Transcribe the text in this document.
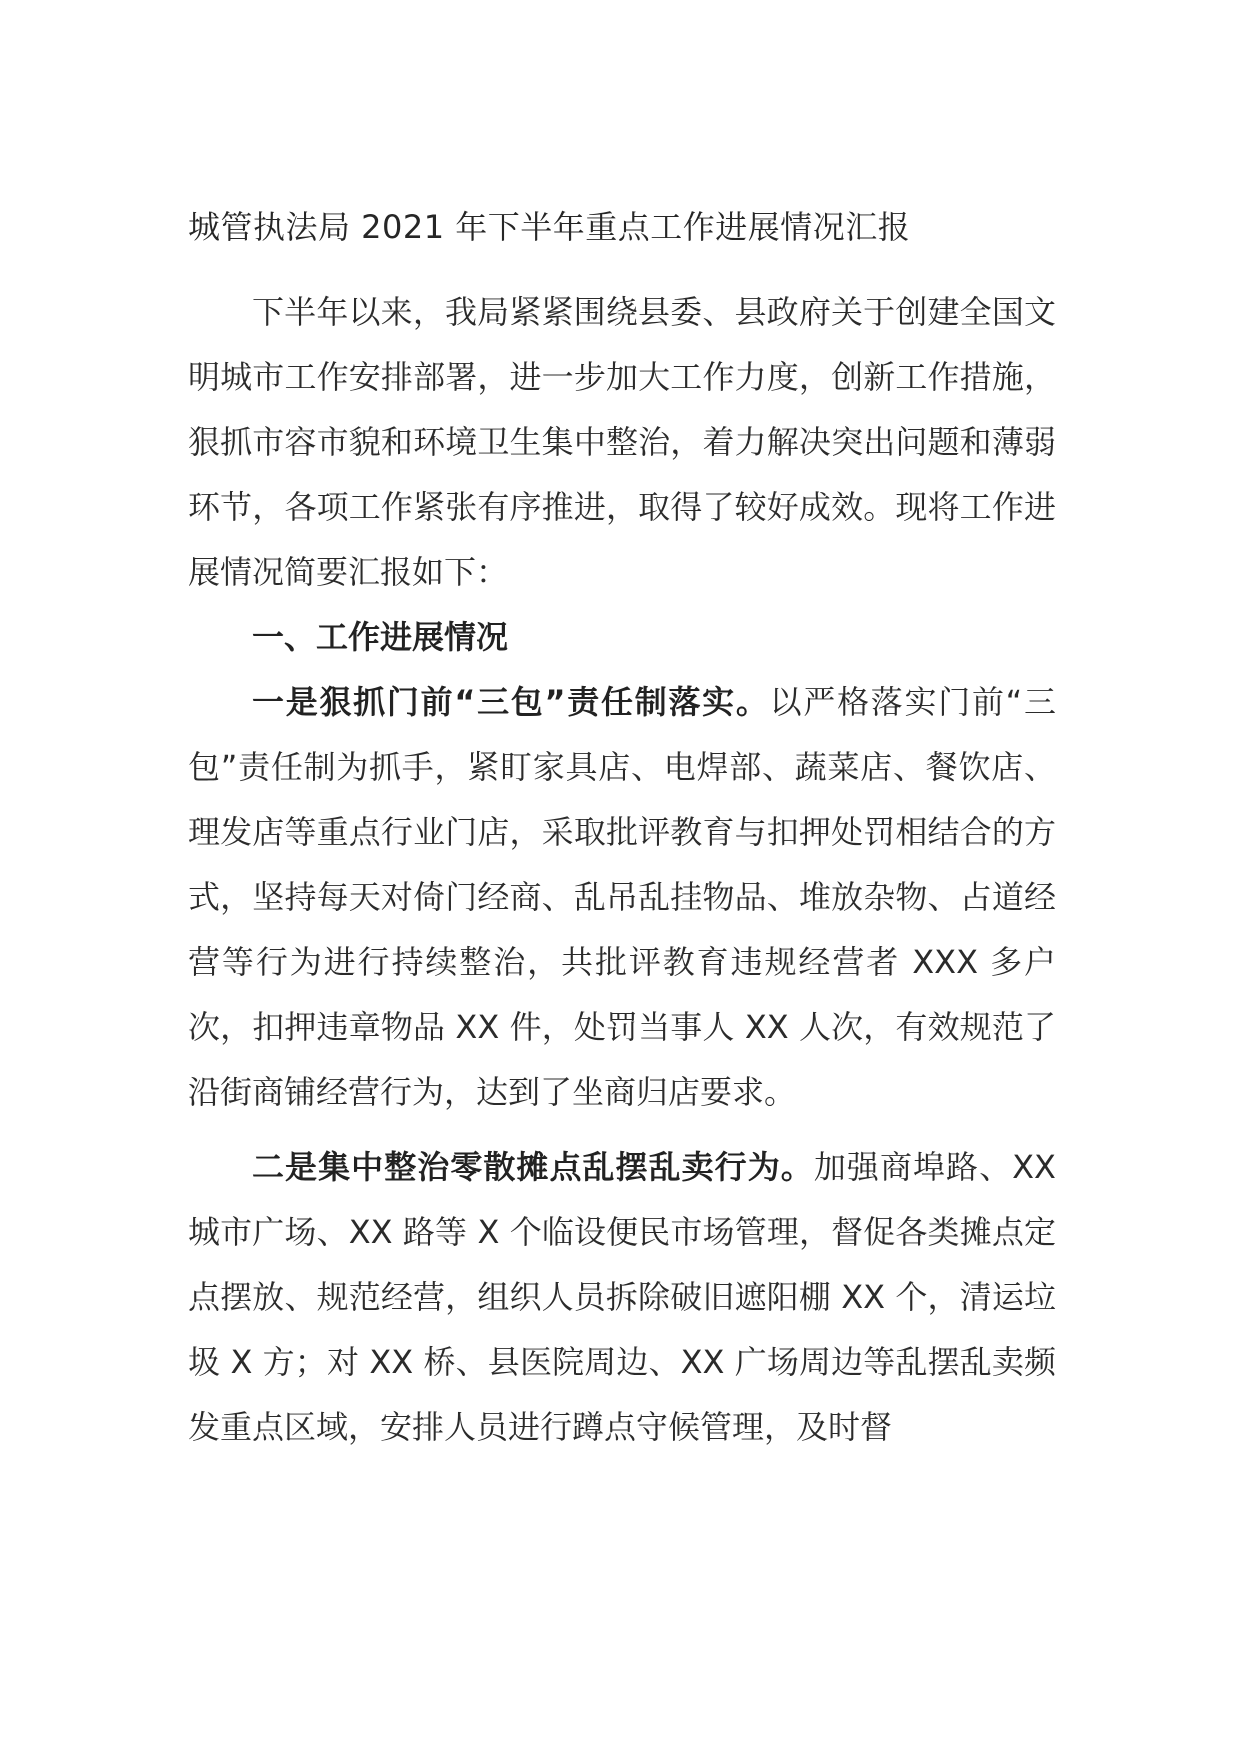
城管执法局 2021 年下半年重点工作进展情况汇报

下半年以来，我局紧紧围绕县委、县政府关于创建全国文明城市工作安排部署，进一步加大工作力度，创新工作措施，狠抓市容市貌和环境卫生集中整治，着力解决突出问题和薄弱环节，各项工作紧张有序推进，取得了较好成效。现将工作进展情况简要汇报如下：

一、工作进展情况

一是狠抓门前“三包”责任制落实。以严格落实门前“三包”责任制为抓手，紧盯家具店、电焊部、蔬菜店、餐饮店、理发店等重点行业门店，采取批评教育与扣押处罚相结合的方式，坚持每天对倚门经商、乱吊乱挂物品、堆放杂物、占道经营等行为进行持续整治，共批评教育违规经营者 XXX 多户次，扣押违章物品 XX 件，处罚当事人 XX 人次，有效规范了沿街商铺经营行为，达到了坐商归店要求。

二是集中整治零散摊点乱摆乱卖行为。加强商埠路、XX 城市广场、XX 路等 X 个临设便民市场管理，督促各类摊点定点摆放、规范经营，组织人员拆除破旧遮阳棚 XX 个，清运垃圾 X 方；对 XX 桥、县医院周边、XX 广场周边等乱摆乱卖频发重点区域，安排人员进行蹲点守候管理，及时督
